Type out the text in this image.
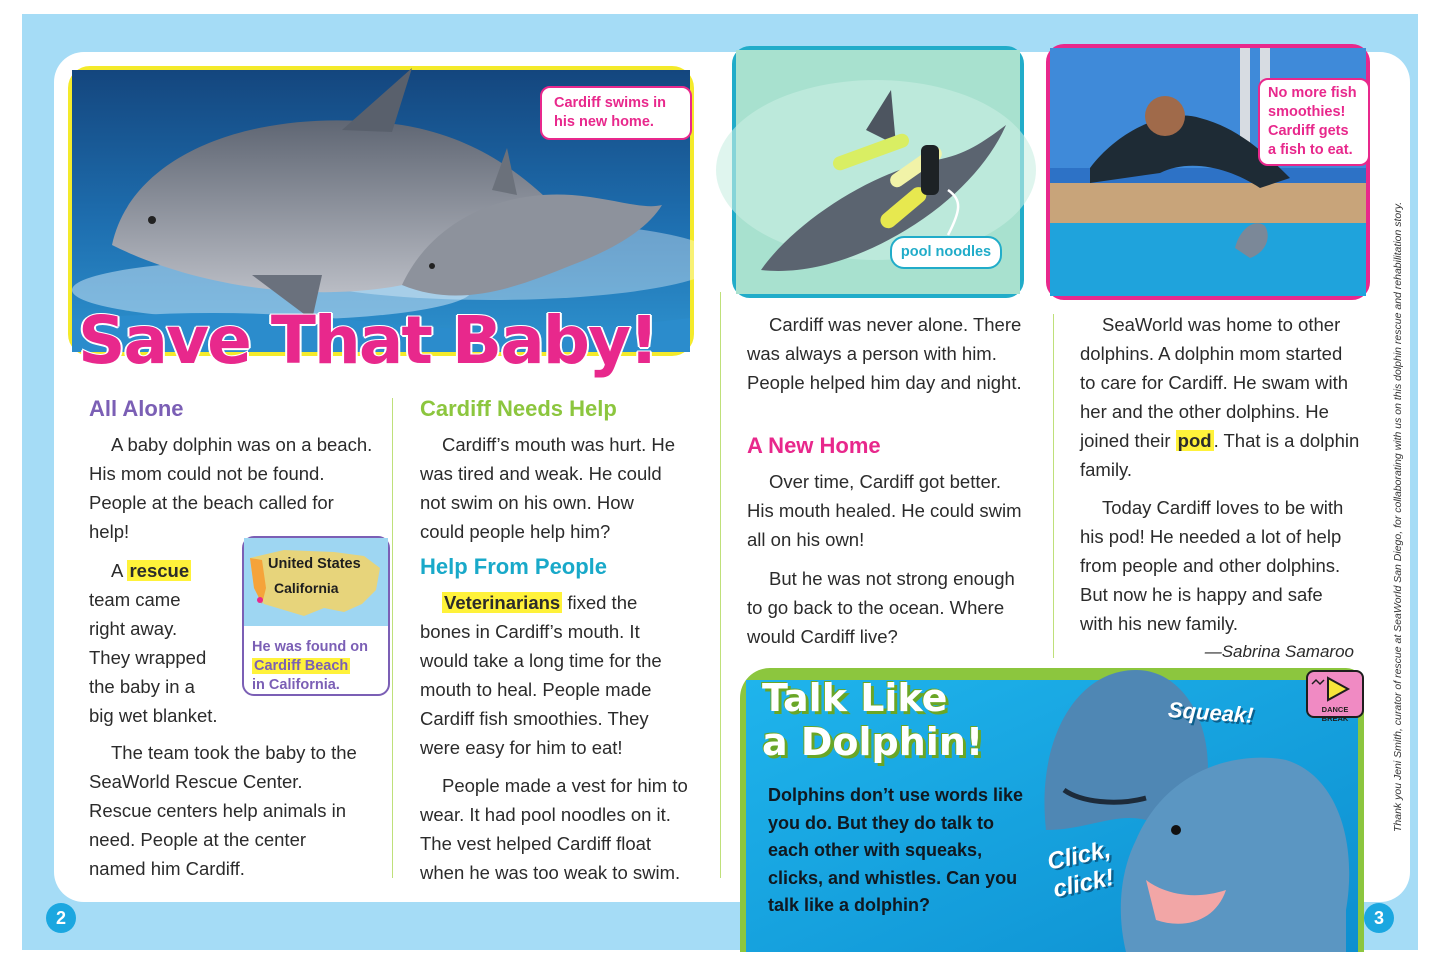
Cardiff swims in his new home.
pool noodles
No more fish smoothies! Cardiff gets a fish to eat.
Save That Baby!
All Alone

A baby dolphin was on a beach. His mom could not be found. People at the beach called for help!

A rescue
team came
right away.
They wrapped
the baby in a
big wet blanket.

The team took the baby to the SeaWorld Rescue Center. Rescue centers help animals in need. People at the center named him Cardiff.

United States
California
He was found on
Cardiff Beach
in California.
Cardiff Needs Help

Cardiff’s mouth was hurt. He was tired and weak. He could not swim on his own. How could people help him?

Help From People

Veterinarians fixed the bones in Cardiff’s mouth. It would take a long time for the mouth to heal. People made Cardiff fish smoothies. They were easy for him to eat!

People made a vest for him to wear. It had pool noodles on it. The vest helped Cardiff float when he was too weak to swim.

Cardiff was never alone. There was always a person with him. People helped him day and night.

A New Home

Over time, Cardiff got better. His mouth healed. He could swim all on his own!

But he was not strong enough to go back to the ocean. Where would Cardiff live?

SeaWorld was home to other dolphins. A dolphin mom started to care for Cardiff. He swam with her and the other dolphins. He joined their pod . That is a dolphin family.

Today Cardiff loves to be with his pod! He needed a lot of help from people and other dolphins. But now he is happy and safe with his new family.

—Sabrina Samaroo
Talk Like
a Dolphin!

Dolphins don’t use words like you do. But they do talk to each other with squeaks, clicks, and whistles. Can you talk like a dolphin?

Squeak!
Click,
click!
DANCE BREAK
2	3
Thank you Jeni Smith, curator of rescue at SeaWorld San Diego, for collaborating with us on this dolphin rescue and rehabilitation story.
